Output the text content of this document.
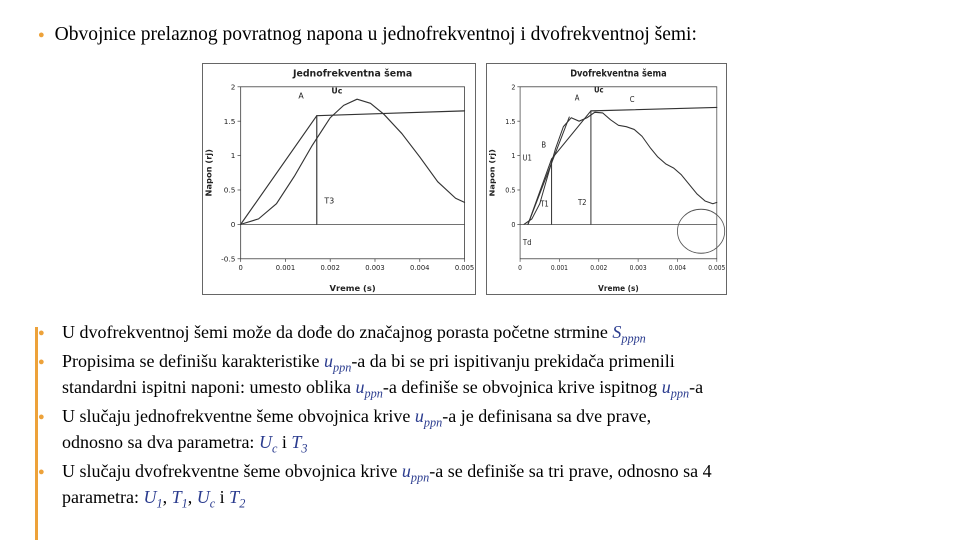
● Obvojnice prelaznog povratnog napona u jednofrekventnoj i dvofrekventnoj šemi:
Jednofrekventna šema
2
1.5
1
0.5
0
-0.5
0	0.001	0.002	0.003	0.004	0.005
Vreme (s)
Napon (rj)
A
Uc
T3
Dvofrekventna šema
2
1.5
1
0.5
0
0	0.001	0.002	0.003	0.004	0.005
Vreme (s)
Napon (rj)
A
Uc
C
B
U1
T1	T2
Td
● U dvofrekventnoj šemi može da dođe do značajnog porasta početne strmine $S_{pppn}$
● Propisima se definišu karakteristike $u_{ppn}-a$ da bi se pri ispitivanju prekidača primenili
standardni ispitni naponi: umesto oblika $u_{ppn}-a$ definiše se obvojnica krive ispitnog $u_{ppn}-a$
● U slučaju jednofrekventne šeme obvojnica krive $u_{ppn}-a$ je definisana sa dve prave,
odnosno sa dva parametra: $U_c$ i $T_3$
● U slučaju dvofrekventne šeme obvojnica krive $u_{ppn}-a$ se definiše sa tri prave, odnosno sa 4
parametra: $U_1$, $T_1$, $U_c$ i $T_2$
